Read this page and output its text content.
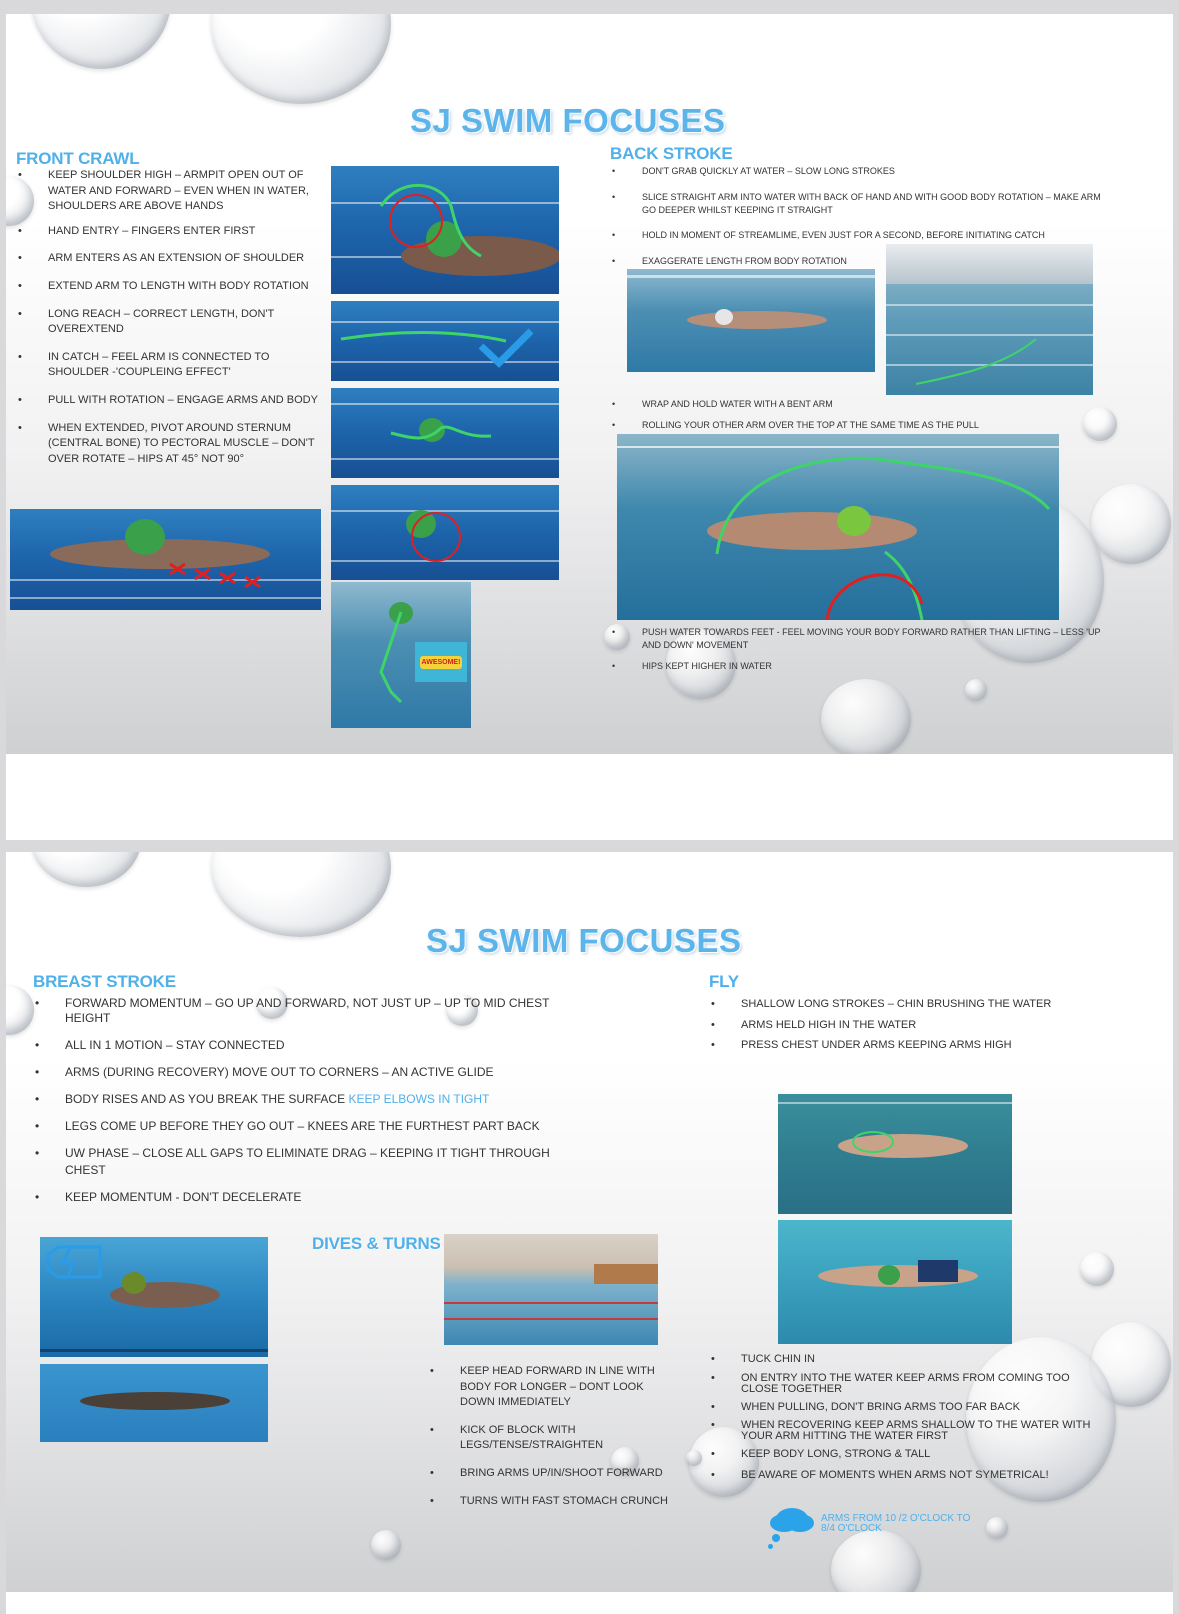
SJ SWIM FOCUSES
FRONT CRAWL
• KEEP SHOULDER HIGH – ARMPIT OPEN OUT OF WATER AND FORWARD – EVEN WHEN IN WATER, SHOULDERS ARE ABOVE HANDS
• HAND ENTRY – FINGERS ENTER FIRST
• ARM ENTERS AS AN EXTENSION OF SHOULDER
• EXTEND ARM TO LENGTH WITH BODY ROTATION
• LONG REACH – CORRECT LENGTH, DON'T OVEREXTEND
• IN CATCH – FEEL ARM IS CONNECTED TO SHOULDER -'COUPLEING EFFECT'
• PULL WITH ROTATION – ENGAGE ARMS AND BODY
• WHEN EXTENDED, PIVOT AROUND STERNUM (CENTRAL BONE) TO PECTORAL MUSCLE – DON'T OVER ROTATE – HIPS AT 45° NOT 90°
AWESOME!
BACK STROKE
• DON'T GRAB QUICKLY AT WATER – SLOW LONG STROKES
• SLICE STRAIGHT ARM INTO WATER WITH BACK OF HAND AND WITH GOOD BODY ROTATION – MAKE ARM GO DEEPER WHILST KEEPING IT STRAIGHT
• HOLD IN MOMENT OF STREAMLIME, EVEN JUST FOR A SECOND, BEFORE INITIATING CATCH
• EXAGGERATE LENGTH FROM BODY ROTATION
• WRAP AND HOLD WATER WITH A BENT ARM
• ROLLING YOUR OTHER ARM OVER THE TOP AT THE SAME TIME AS THE PULL
• PUSH WATER TOWARDS FEET - FEEL MOVING YOUR BODY FORWARD RATHER THAN LIFTING – LESS 'UP AND DOWN' MOVEMENT
• HIPS KEPT HIGHER IN WATER
SJ SWIM FOCUSES
BREAST STROKE
• FORWARD MOMENTUM – GO UP AND FORWARD, NOT JUST UP – UP TO MID CHEST HEIGHT
• ALL IN 1 MOTION – STAY CONNECTED
• ARMS (DURING RECOVERY) MOVE OUT TO CORNERS – AN ACTIVE GLIDE
• BODY RISES AND AS YOU BREAK THE SURFACE KEEP ELBOWS IN TIGHT
• LEGS COME UP BEFORE THEY GO OUT – KNEES ARE THE FURTHEST PART BACK
• UW PHASE – CLOSE ALL GAPS TO ELIMINATE DRAG – KEEPING IT TIGHT THROUGH CHEST
• KEEP MOMENTUM - DON'T DECELERATE
DIVES & TURNS
• KEEP HEAD FORWARD IN LINE WITH BODY FOR LONGER – DONT LOOK DOWN IMMEDIATELY
• KICK OF BLOCK WITH LEGS/TENSE/STRAIGHTEN
• BRING ARMS UP/IN/SHOOT FORWARD
• TURNS WITH FAST STOMACH CRUNCH
FLY
• SHALLOW LONG STROKES – CHIN BRUSHING THE WATER
• ARMS HELD HIGH IN THE WATER
• PRESS CHEST UNDER ARMS KEEPING ARMS HIGH
• TUCK CHIN IN
• ON ENTRY INTO THE WATER KEEP ARMS FROM COMING TOO CLOSE TOGETHER
• WHEN PULLING, DON'T BRING ARMS TOO FAR BACK
• WHEN RECOVERING KEEP ARMS SHALLOW TO THE WATER WITH YOUR ARM HITTING THE WATER FIRST
• KEEP BODY LONG, STRONG & TALL
• BE AWARE OF MOMENTS WHEN ARMS NOT SYMETRICAL!
ARMS FROM 10 /2 O'CLOCK TO 8/4 O'CLOCK
